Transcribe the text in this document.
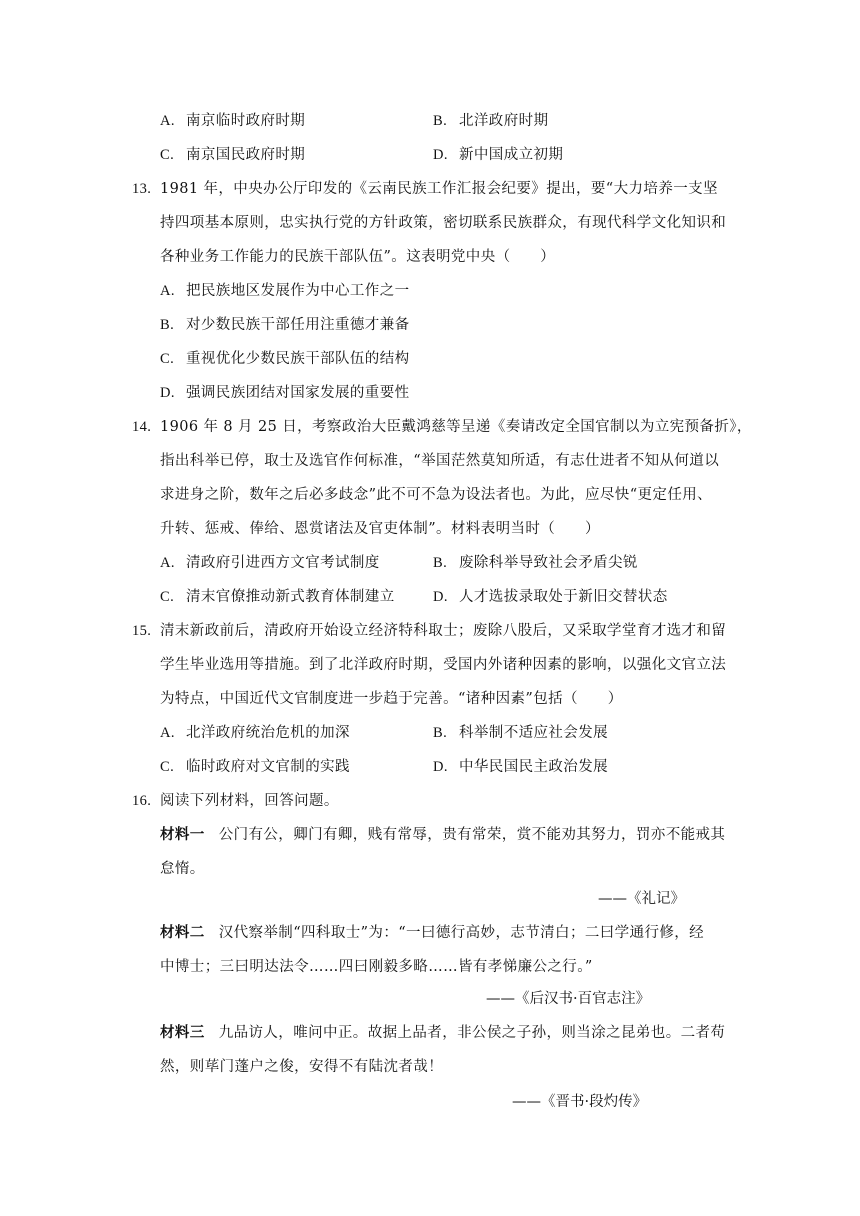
A. 南京临时政府时期	B. 北洋政府时期
C. 南京国民政府时期	D. 新中国成立初期
13. 1981 年，中央办公厅印发的《云南民族工作汇报会纪要》提出，要“大力培养一支坚
持四项基本原则，忠实执行党的方针政策，密切联系民族群众，有现代科学文化知识和
各种业务工作能力的民族干部队伍”。这表明党中央（　　）
A. 把民族地区发展作为中心工作之一
B. 对少数民族干部任用注重德才兼备
C. 重视优化少数民族干部队伍的结构
D. 强调民族团结对国家发展的重要性
14. 1906 年 8 月 25 日，考察政治大臣戴鸿慈等呈递《奏请改定全国官制以为立宪预备折》，
指出科举已停，取士及选官作何标准，“举国茫然莫知所适，有志仕进者不知从何道以
求进身之阶，数年之后必多歧念”此不可不急为设法者也。为此，应尽快“更定任用、
升转、惩戒、俸给、恩赏诸法及官吏体制”。材料表明当时（　　）
A. 清政府引进西方文官考试制度	B. 废除科举导致社会矛盾尖锐
C. 清末官僚推动新式教育体制建立	D. 人才选拔录取处于新旧交替状态
15. 清末新政前后，清政府开始设立经济特科取士；废除八股后，又采取学堂育才选才和留
学生毕业选用等措施。到了北洋政府时期，受国内外诸种因素的影响，以强化文官立法
为特点，中国近代文官制度进一步趋于完善。“诸种因素”包括（　　）
A. 北洋政府统治危机的加深	B. 科举制不适应社会发展
C. 临时政府对文官制的实践	D. 中华民国民主政治发展
16. 阅读下列材料，回答问题。
材料一 公门有公，卿门有卿，贱有常辱，贵有常荣，赏不能劝其努力，罚亦不能戒其
怠惰。
——《礼记》
材料二 汉代察举制“四科取士”为：“一曰德行高妙，志节清白；二曰学通行修，经
中博士；三曰明达法令……四曰刚毅多略……皆有孝悌廉公之行。”
——《后汉书·百官志注》
材料三 九品访人，唯问中正。故据上品者，非公侯之子孙，则当涂之昆弟也。二者苟
然，则荜门蓬户之俊，安得不有陆沈者哉！
——《晋书·段灼传》
